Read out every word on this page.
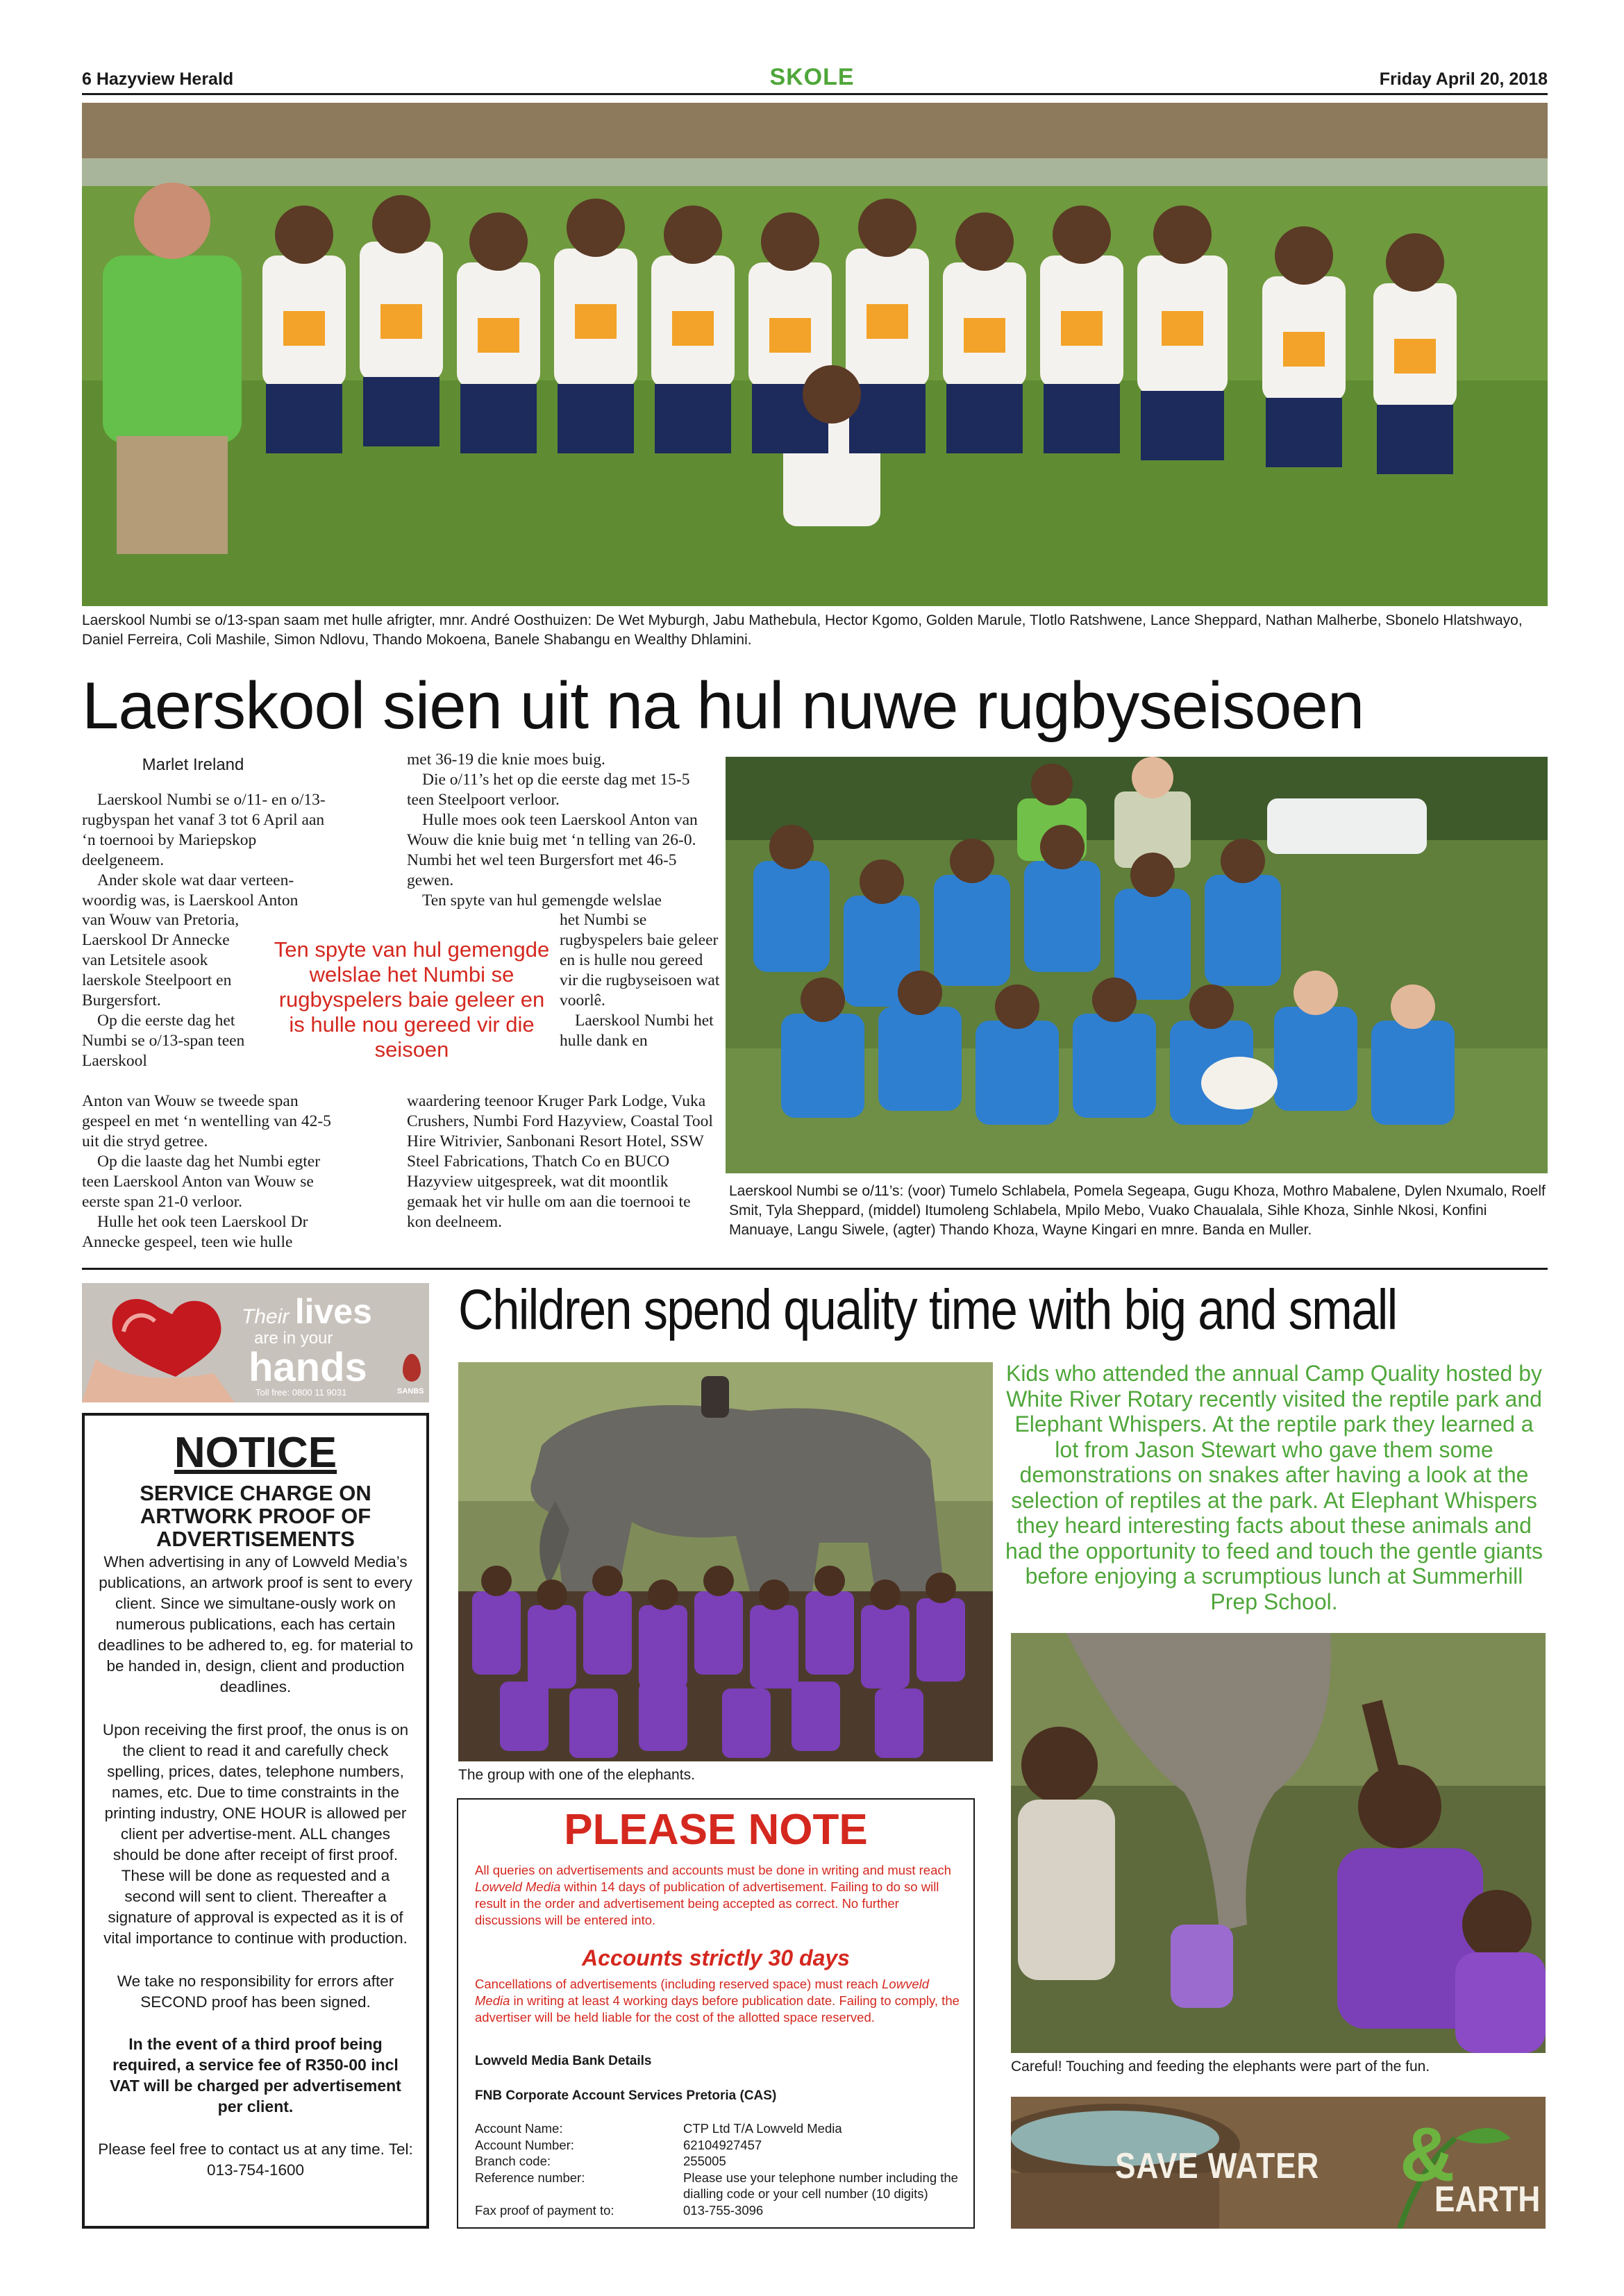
6 Hazyview Herald	SKOLE	Friday April 20, 2018
Laerskool Numbi se o/13-span saam met hulle afrigter, mnr. André Oosthuizen: De Wet Myburgh, Jabu Mathebula, Hector Kgomo, Golden Marule, Tlotlo Ratshwene, Lance Sheppard, Nathan Malherbe, Sbonelo Hlatshwayo, Daniel Ferreira, Coli Mashile, Simon Ndlovu, Thando Mokoena, Banele Shabangu en Wealthy Dhlamini.
Laerskool sien uit na hul nuwe rugbyseisoen
Marlet Ireland

Laerskool Numbi se o/11- en o/13-rugbyspan het vanaf 3 tot 6 April aan ‘n toernooi by Mariepskop deelgeneem.

Ander skole wat daar verteen-woordig was, is Laerskool Anton

van Wouw van Pretoria, Laerskool Dr Annecke van Letsitele asook laerskole Steelpoort en Burgersfort.

Op die eerste dag het Numbi se o/13-span teen Laerskool

Anton van Wouw se tweede span gespeel en met ‘n wentelling van 42-5 uit die stryd getree.

Op die laaste dag het Numbi egter teen Laerskool Anton van Wouw se eerste span 21-0 verloor.

Hulle het ook teen Laerskool Dr Annecke gespeel, teen wie hulle

met 36-19 die knie moes buig.

Die o/11’s het op die eerste dag met 15-5 teen Steelpoort verloor.

Hulle moes ook teen Laerskool Anton van Wouw die knie buig met ‘n telling van 26-0. Numbi het wel teen Burgersfort met 46-5 gewen.

Ten spyte van hul gemengde welslae

het Numbi se rugbyspelers baie geleer en is hulle nou gereed vir die rugbyseisoen wat voorlê.

Laerskool Numbi het hulle dank en

waardering teenoor Kruger Park Lodge, Vuka Crushers, Numbi Ford Hazyview, Coastal Tool Hire Witrivier, Sanbonani Resort Hotel, SSW Steel Fabrications, Thatch Co en BUCO Hazyview uitgespreek, wat dit moontlik gemaak het vir hulle om aan die toernooi te kon deelneem.

Ten spyte van hul gemengde welslae het Numbi se rugbyspelers baie geleer en is hulle nou gereed vir die seisoen
Laerskool Numbi se o/11’s: (voor) Tumelo Schlabela, Pomela Segeapa, Gugu Khoza, Mothro Mabalene, Dylen Nxumalo, Roelf Smit, Tyla Sheppard, (middel) Itumoleng Schlabela, Mpilo Mebo, Vuako Chaualala, Sihle Khoza, Sinhle Nkosi, Konfini Manuaye, Langu Siwele, (agter) Thando Khoza, Wayne Kingari en mnre. Banda en Muller.
Their lives
are in your
hands
Toll free: 0800 11 9031	SANBS
NOTICE
SERVICE CHARGE ON ARTWORK PROOF OF ADVERTISEMENTS
When advertising in any of Lowveld Media’s publications, an artwork proof is sent to every client. Since we simultane-ously work on numerous publications, each has certain deadlines to be adhered to, eg. for material to be handed in, design, client and production deadlines.
Upon receiving the first proof, the onus is on the client to read it and carefully check spelling, prices, dates, telephone numbers, names, etc. Due to time constraints in the printing industry, ONE HOUR is allowed per client per advertise-ment. ALL changes should be done after receipt of first proof. These will be done as requested and a second will sent to client. Thereafter a signature of approval is expected as it is of vital importance to continue with production.
We take no responsibility for errors after SECOND proof has been signed.
In the event of a third proof being required, a service fee of R350-00 incl VAT will be charged per advertisement per client.
Please feel free to contact us at any time. Tel: 013-754-1600
Children spend quality time with big and small
The group with one of the elephants.
Kids who attended the annual Camp Quality hosted by White River Rotary recently visited the reptile park and Elephant Whispers. At the reptile park they learned a lot from Jason Stewart who gave them some demonstrations on snakes after having a look at the selection of reptiles at the park. At Elephant Whispers they heard interesting facts about these animals and had the opportunity to feed and touch the gentle giants before enjoying a scrumptious lunch at Summerhill Prep School.
Careful! Touching and feeding the elephants were part of the fun.
PLEASE NOTE
All queries on advertisements and accounts must be done in writing and must reach Lowveld Media within 14 days of publication of advertisement. Failing to do so will result in the order and advertisement being accepted as correct. No further discussions will be entered into.
Accounts strictly 30 days
Cancellations of advertisements (including reserved space) must reach Lowveld Media in writing at least 4 working days before publication date. Failing to comply, the advertiser will be held liable for the cost of the allotted space reserved.
Lowveld Media Bank Details
FNB Corporate Account Services Pretoria (CAS)
Account Name:	CTP Ltd T/A Lowveld Media
Account Number:	62104927457
Branch code:	255005
Reference number:	Please use your telephone number including the dialling code or your cell number (10 digits)
Fax proof of payment to:	013-755-3096
SAVE WATER &
EARTH
